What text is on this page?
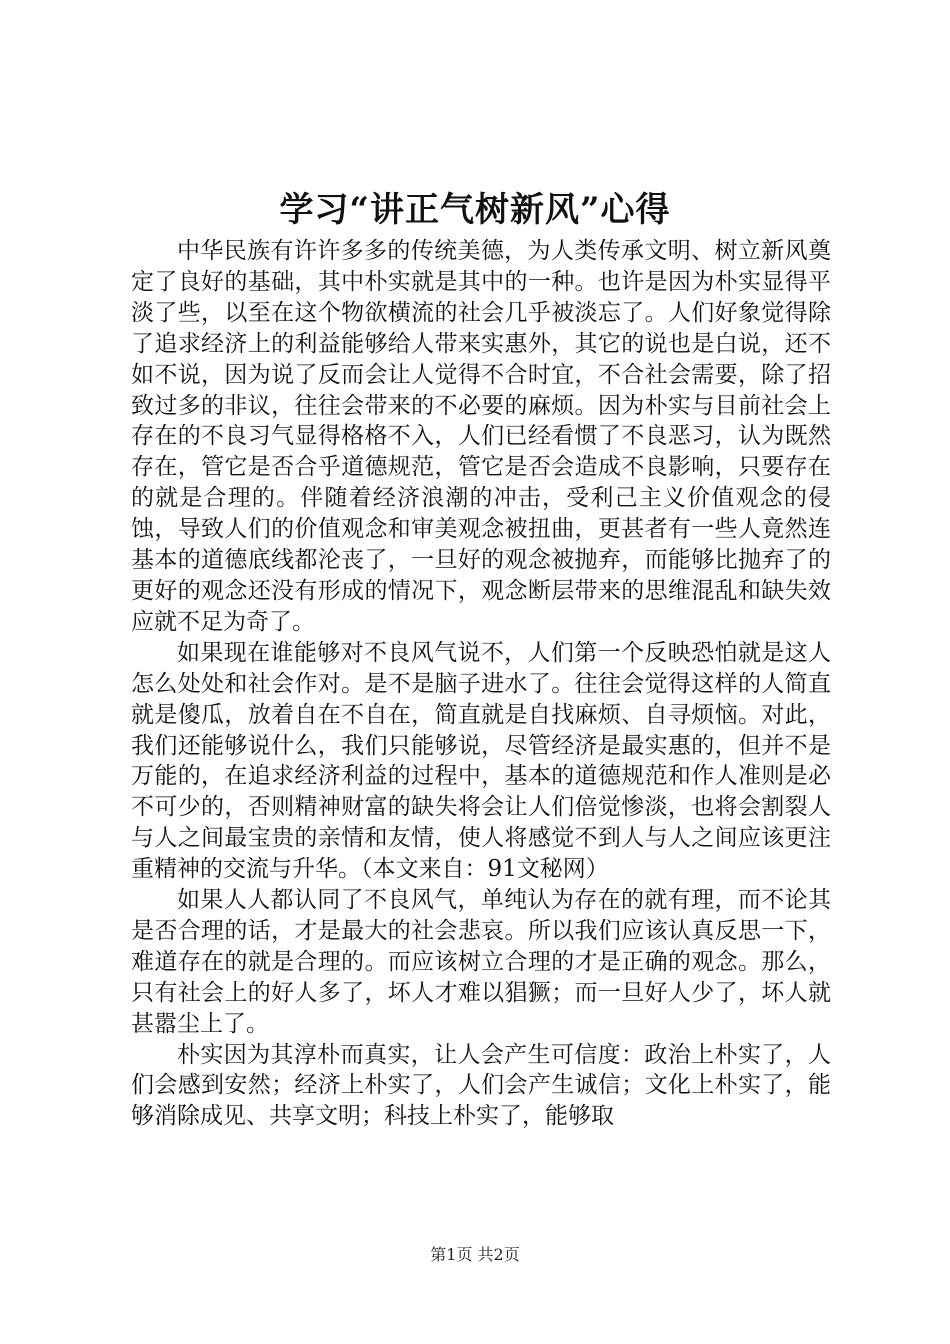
学习“讲正气树新风”心得

中华民族有许许多多的传统美德，为人类传承文明、树立新风奠定了良好的基础，其中朴实就是其中的一种。也许是因为朴实显得平淡了些，以至在这个物欲横流的社会几乎被淡忘了。人们好象觉得除了追求经济上的利益能够给人带来实惠外，其它的说也是白说，还不如不说，因为说了反而会让人觉得不合时宜，不合社会需要，除了招致过多的非议，往往会带来的不必要的麻烦。因为朴实与目前社会上存在的不良习气显得格格不入，人们已经看惯了不良恶习，认为既然存在，管它是否合乎道德规范，管它是否会造成不良影响，只要存在的就是合理的。伴随着经济浪潮的冲击，受利己主义价值观念的侵蚀，导致人们的价值观念和审美观念被扭曲，更甚者有一些人竟然连基本的道德底线都沦丧了，一旦好的观念被抛弃，而能够比抛弃了的更好的观念还没有形成的情况下，观念断层带来的思维混乱和缺失效应就不足为奇了。

如果现在谁能够对不良风气说不，人们第一个反映恐怕就是这人怎么处处和社会作对。是不是脑子进水了。往往会觉得这样的人简直就是傻瓜，放着自在不自在，简直就是自找麻烦、自寻烦恼。对此，我们还能够说什么，我们只能够说，尽管经济是最实惠的，但并不是万能的，在追求经济利益的过程中，基本的道德规范和作人准则是必不可少的，否则精神财富的缺失将会让人们倍觉惨淡，也将会割裂人与人之间最宝贵的亲情和友情，使人将感觉不到人与人之间应该更注重精神的交流与升华。（本文来自：91文秘网）

如果人人都认同了不良风气，单纯认为存在的就有理，而不论其是否合理的话，才是最大的社会悲哀。所以我们应该认真反思一下，难道存在的就是合理的。而应该树立合理的才是正确的观念。那么，只有社会上的好人多了，坏人才难以猖獗；而一旦好人少了，坏人就甚嚣尘上了。

朴实因为其淳朴而真实，让人会产生可信度：政治上朴实了，人们会感到安然；经济上朴实了，人们会产生诚信；文化上朴实了，能够消除成见、共享文明；科技上朴实了，能够取

第1页 共2页
